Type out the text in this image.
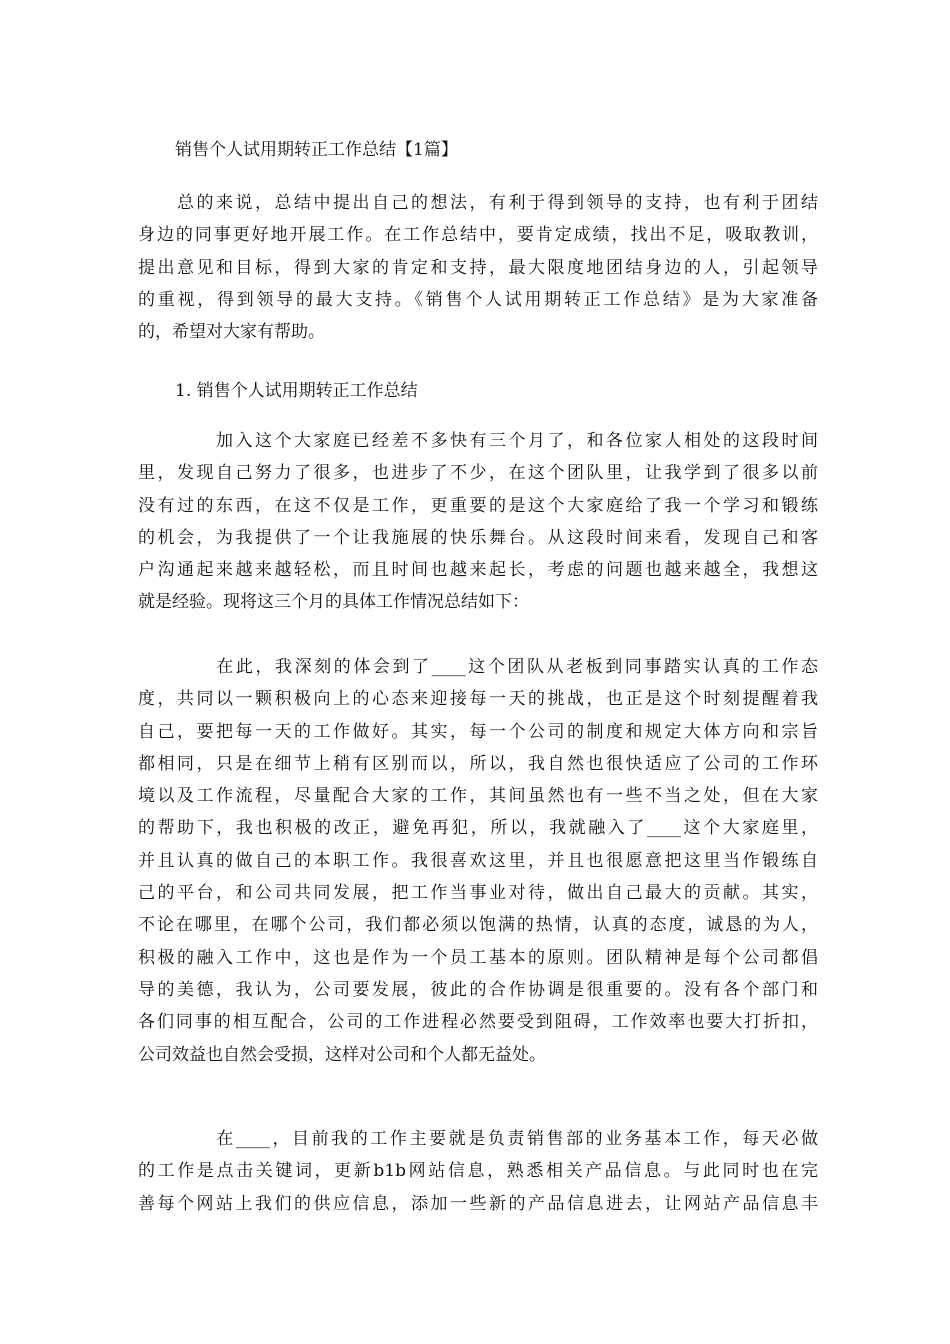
销售个人试用期转正工作总结【1篇】
　　总的来说，总结中提出自己的想法，有利于得到领导的支持，也有利于团结
身边的同事更好地开展工作。在工作总结中，要肯定成绩，找出不足，吸取教训，
提出意见和目标，得到大家的肯定和支持，最大限度地团结身边的人，引起领导
的重视，得到领导的最大支持。《销售个人试用期转正工作总结》是为大家准备
的，希望对大家有帮助。
1. 销售个人试用期转正工作总结
　　　　加入这个大家庭已经差不多快有三个月了，和各位家人相处的这段时间
里，发现自己努力了很多，也进步了不少，在这个团队里，让我学到了很多以前
没有过的东西，在这不仅是工作，更重要的是这个大家庭给了我一个学习和锻练
的机会，为我提供了一个让我施展的快乐舞台。从这段时间来看，发现自己和客
户沟通起来越来越轻松，而且时间也越来起长，考虑的问题也越来越全，我想这
就是经验。现将这三个月的具体工作情况总结如下：
　　　　在此，我深刻的体会到了____这个团队从老板到同事踏实认真的工作态
度，共同以一颗积极向上的心态来迎接每一天的挑战，也正是这个时刻提醒着我
自己，要把每一天的工作做好。其实，每一个公司的制度和规定大体方向和宗旨
都相同，只是在细节上稍有区别而以，所以，我自然也很快适应了公司的工作环
境以及工作流程，尽量配合大家的工作，其间虽然也有一些不当之处，但在大家
的帮助下，我也积极的改正，避免再犯，所以，我就融入了____这个大家庭里，
并且认真的做自己的本职工作。我很喜欢这里，并且也很愿意把这里当作锻练自
己的平台，和公司共同发展，把工作当事业对待，做出自己最大的贡献。其实，
不论在哪里，在哪个公司，我们都必须以饱满的热情，认真的态度，诚恳的为人，
积极的融入工作中，这也是作为一个员工基本的原则。团队精神是每个公司都倡
导的美德，我认为，公司要发展，彼此的合作协调是很重要的。没有各个部门和
各们同事的相互配合，公司的工作进程必然要受到阻碍，工作效率也要大打折扣，
公司效益也自然会受损，这样对公司和个人都无益处。
　　　　在____，目前我的工作主要就是负责销售部的业务基本工作，每天必做
的工作是点击关键词，更新b1b网站信息，熟悉相关产品信息。与此同时也在完
善每个网站上我们的供应信息，添加一些新的产品信息进去，让网站产品信息丰
